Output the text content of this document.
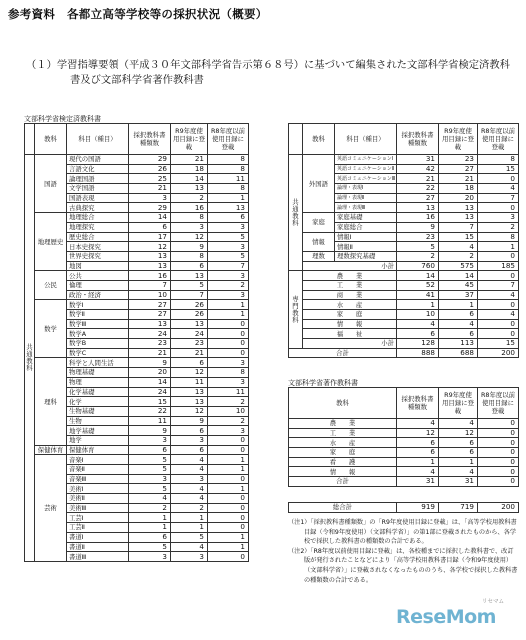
参考資料　各都立高等学校等の採択状況（概要）
（１）学習指導要領（平成３０年文部科学省告示第６８号）に基づいて編集された文部科学省検定済教科
書及び文部科学省著作教科書
文部科学省検定済教科書
	教科	科目（種目）	採択教科書種類数	R9年度使用目録に登載	R8年度以前使用目録に登載
共
通
教
科	国語	現代の国語	29	21	8
		言語文化	26	18	8
		論理国語	25	14	11
		文学国語	21	13	8
		国語表現	3	2	1
		古典探究	29	16	13
	地理歴史	地理総合	14	8	6
		地理探究	6	3	3
		歴史総合	17	12	5
		日本史探究	12	9	3
		世界史探究	13	8	5
		地図	13	6	7
	公民	公共	16	13	3
		倫理	7	5	2
		政治・経済	10	7	3
	数学	数学Ⅰ	27	26	1
		数学Ⅱ	27	26	1
		数学Ⅲ	13	13	0
		数学A	24	24	0
		数学B	23	23	0
		数学C	21	21	0
	理科	科学と人間生活	9	6	3
		物理基礎	20	12	8
		物理	14	11	3
		化学基礎	24	13	11
		化学	15	13	2
		生物基礎	22	12	10
		生物	11	9	2
		地学基礎	9	6	3
		地学	3	3	0
	保健体育	保健体育	6	6	0
	芸術	音楽Ⅰ	5	4	1
		音楽Ⅱ	5	4	1
		音楽Ⅲ	3	3	0
		美術Ⅰ	5	4	1
		美術Ⅱ	4	4	0
		美術Ⅲ	2	2	0
		工芸Ⅰ	1	1	0
		工芸Ⅱ	1	1	0
		書道Ⅰ	6	5	1
		書道Ⅱ	5	4	1
		書道Ⅲ	3	3	0
	教科	科目（種目）	採択教科書種類数	R9年度使用目録に登載	R8年度以前使用目録に登載
共
通
教
科	外国語	英語コミュニケーションⅠ	31	23	8
		英語コミュニケーションⅡ	42	27	15
		英語コミュニケーションⅢ	21	21	0
		論理・表現Ⅰ	22	18	4
		論理・表現Ⅱ	27	20	7
		論理・表現Ⅲ	13	13	0
	家庭	家庭基礎	16	13	3
		家庭総合	9	7	2
	情報	情報Ⅰ	23	15	8
		情報Ⅱ	5	4	1
	理数	理数探究基礎	2	2	0
	小計		760	575	185
専
門
教
科	農　　業		14	14	0
	工　　業		52	45	7
	商　　業		41	37	4
	水　　産		1	1	0
	家　　庭		10	6	4
	情　　報		4	4	0
	福　　祉		6	6	0
	小計		128	113	15
合計			888	688	200
文部科学省著作教科書
教科	採択教科書種類数	R9年度使用目録に登載	R8年度以前使用目録に登載
農　　業	4	4	0
工　　業	12	12	0
水　　産	6	6	0
家　　庭	6	6	0
看　　護	1	1	0
情　　報	4	4	0
合計	31	31	0
総合計	919	719	200

（注1）「採択教科書種類数」の「R9年度使用目録に登載」は、「高等学校用教科書目録（令和9年度使用）（文部科学省）」の第1部に登載されたものから、各学校で採択した教科書の種類数の合計である。

（注2）「R8年度以前使用目録に登載」は、各校種までに採択した教科書で、改訂版が発行されたことなどにより「高等学校用教科書目録（令和9年度使用）（文部科学省）」に登載されなくなったもののうち、各学校で採択した教科書の種類数の合計である。

リセマム
ReseMom
